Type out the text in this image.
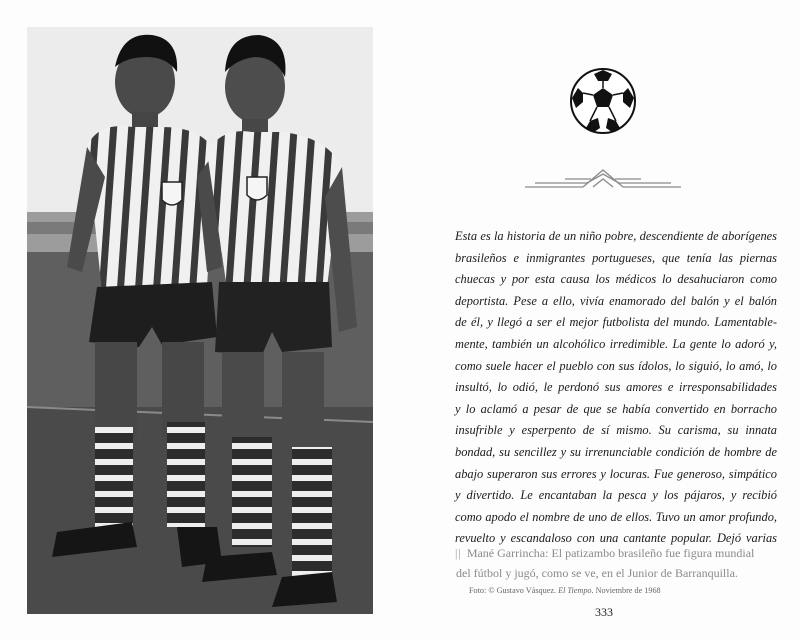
Esta es la historia de un niño pobre, descendiente de aborígenes
brasileños e inmigrantes portugueses, que tenía las piernas
chuecas y por esta causa los médicos lo desahuciaron como
deportista. Pese a ello, vivía enamorado del balón y el balón
de él, y llegó a ser el mejor futbolista del mundo. Lamentable-
mente, también un alcohólico irredimible. La gente lo adoró y,
como suele hacer el pueblo con sus ídolos, lo siguió, lo amó, lo
insultó, lo odió, le perdonó sus amores e irresponsabilidades
y lo aclamó a pesar de que se había convertido en borracho
insufrible y esperpento de sí mismo. Su carisma, su innata
bondad, su sencillez y su irrenunciable condición de hombre de
abajo superaron sus errores y locuras. Fue generoso, simpático
y divertido. Le encantaban la pesca y los pájaros, y recibió
como apodo el nombre de uno de ellos. Tuvo un amor profundo,
revuelto y escandaloso con una cantante popular. Dejó varias

|| Mané Garrincha: El patizambo brasileño fue figura mundial
del fútbol y jugó, como se ve, en el Junior de Barranquilla.

Foto: © Gustavo Vásquez. El Tiempo. Noviembre de 1968
333
